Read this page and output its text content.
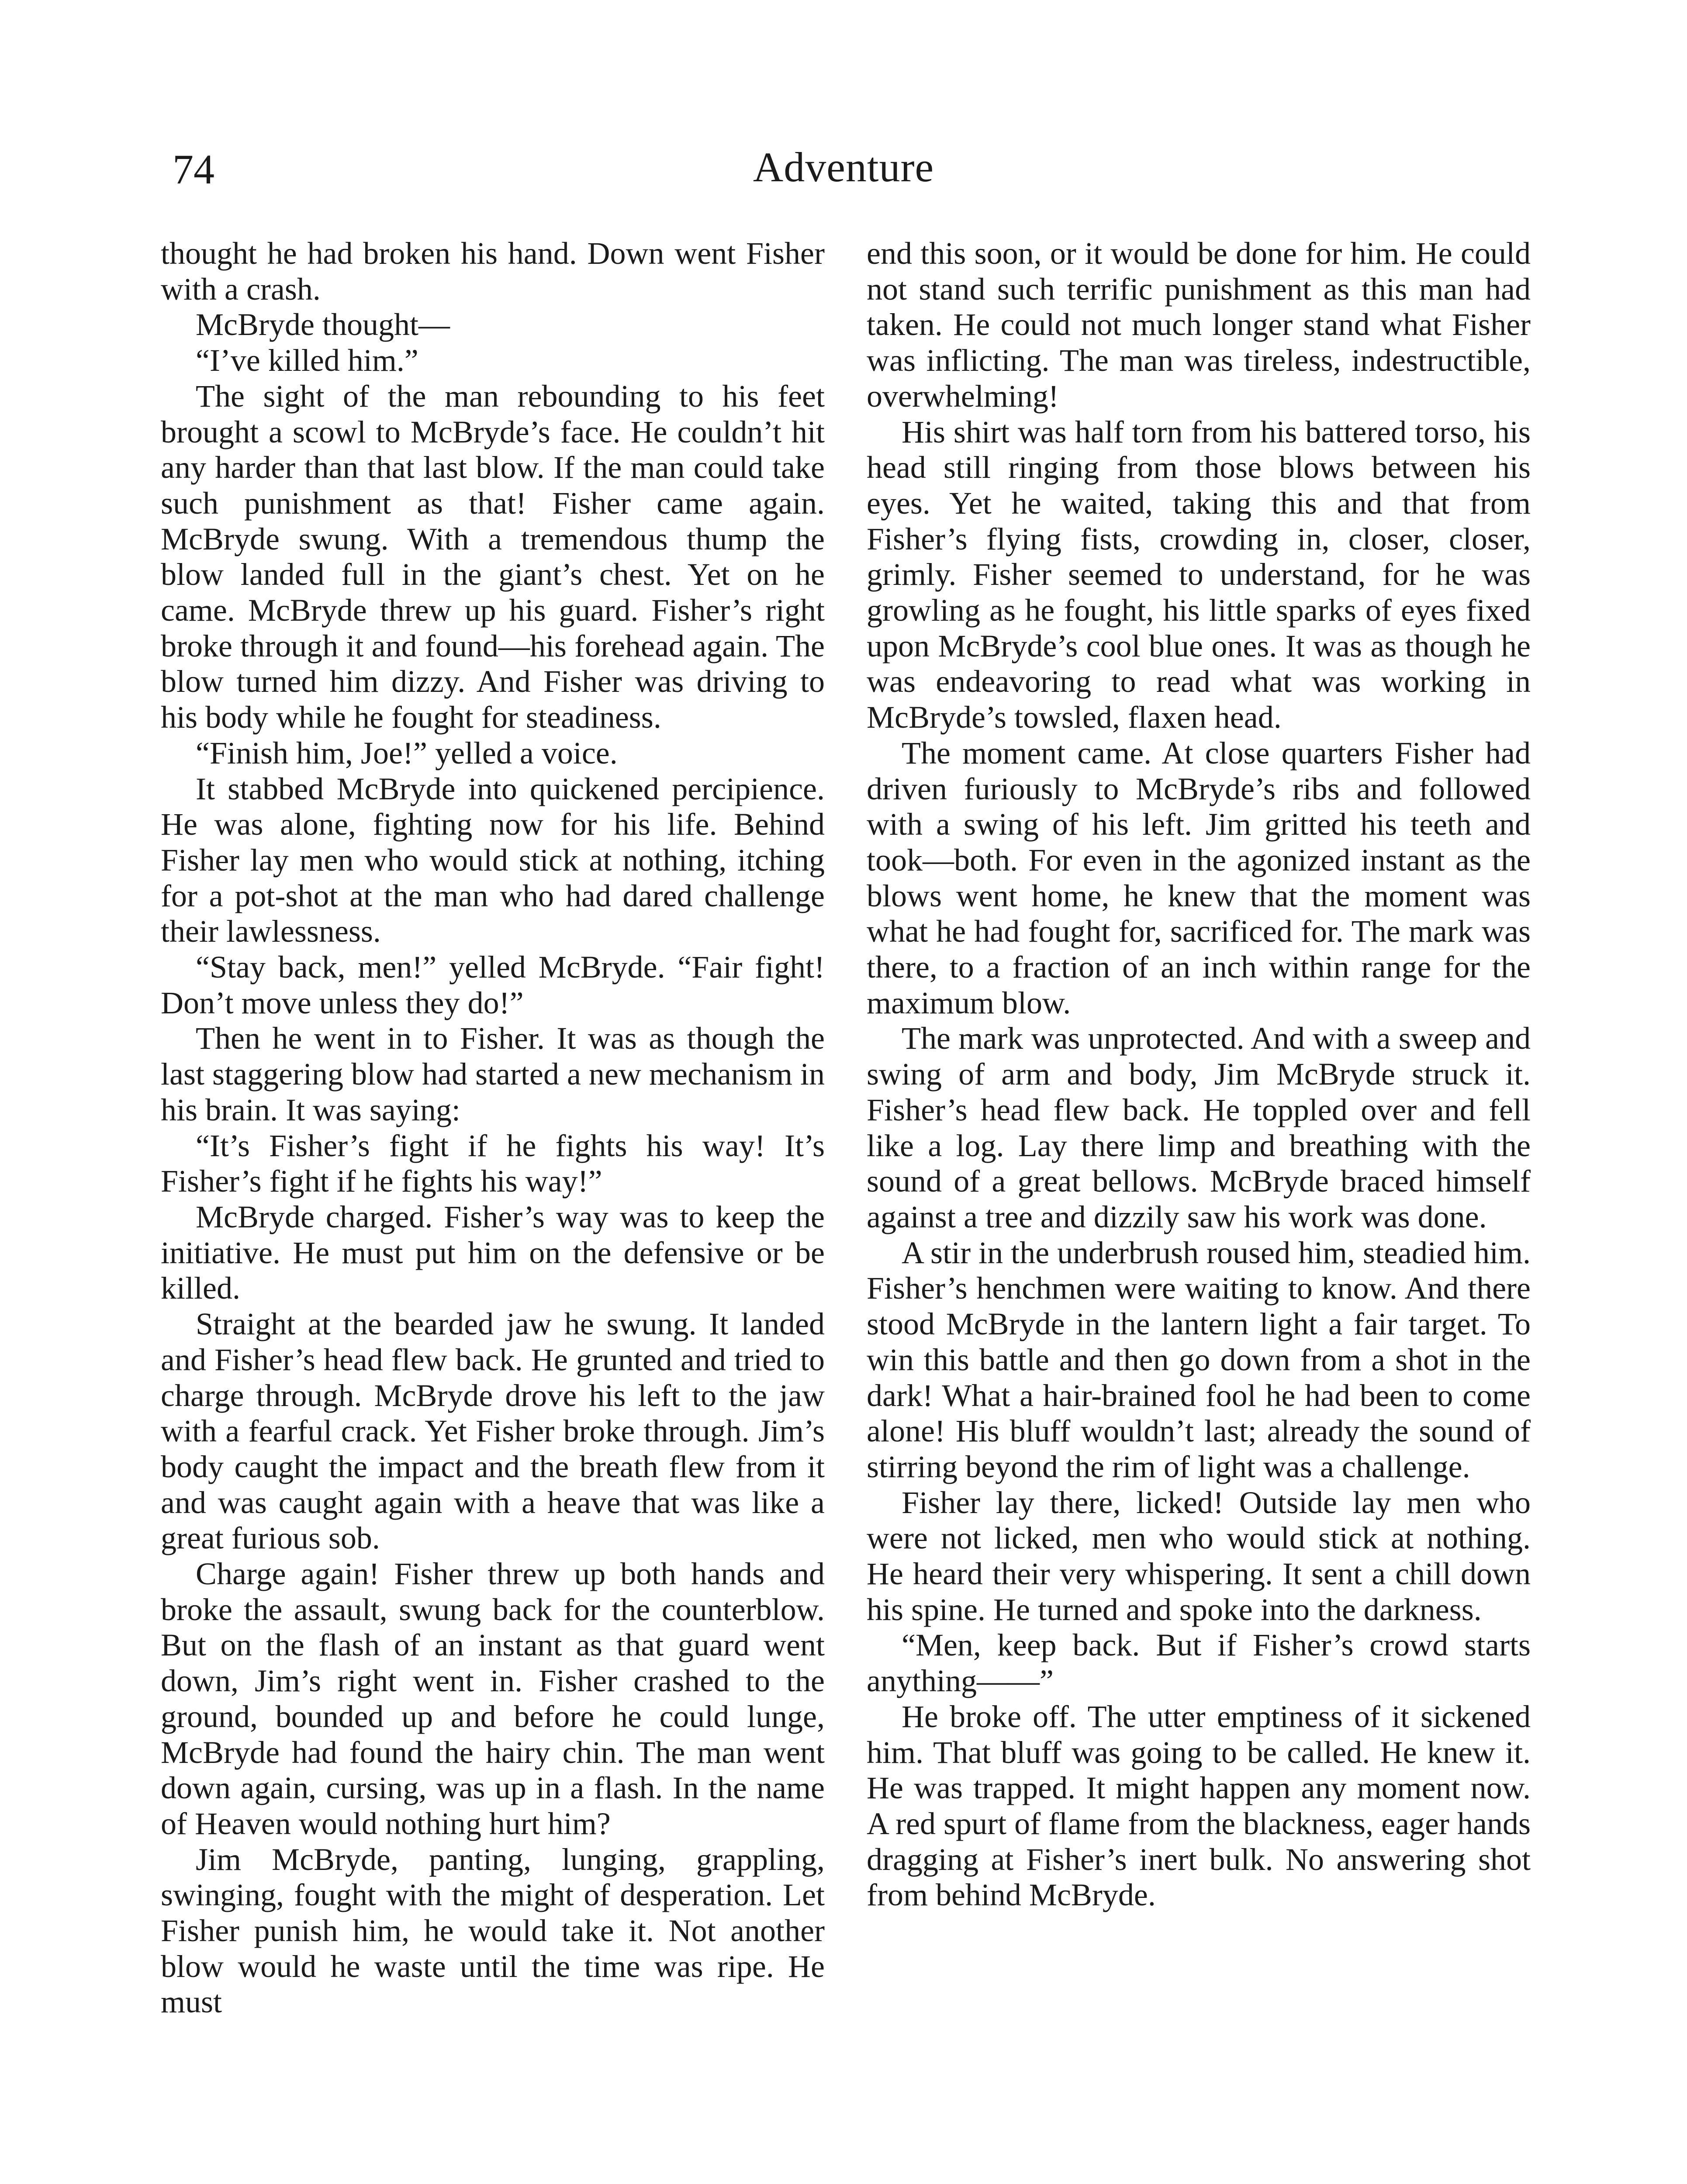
74	Adventure

thought he had broken his hand. Down went Fisher with a crash.

McBryde thought—

“I’ve killed him.”

The sight of the man rebounding to his feet brought a scowl to McBryde’s face. He couldn’t hit any harder than that last blow. If the man could take such punishment as that! Fisher came again. McBryde swung. With a tremendous thump the blow landed full in the giant’s chest. Yet on he came. McBryde threw up his guard. Fisher’s right broke through it and found—his forehead again. The blow turned him dizzy. And Fisher was driving to his body while he fought for steadiness.

“Finish him, Joe!” yelled a voice.

It stabbed McBryde into quickened percipience. He was alone, fighting now for his life. Behind Fisher lay men who would stick at nothing, itching for a pot-shot at the man who had dared challenge their lawlessness.

“Stay back, men!” yelled McBryde. “Fair fight! Don’t move unless they do!”

Then he went in to Fisher. It was as though the last staggering blow had started a new mechanism in his brain. It was saying:

“It’s Fisher’s fight if he fights his way! It’s Fisher’s fight if he fights his way!”

McBryde charged. Fisher’s way was to keep the initiative. He must put him on the defensive or be killed.

Straight at the bearded jaw he swung. It landed and Fisher’s head flew back. He grunted and tried to charge through. McBryde drove his left to the jaw with a fearful crack. Yet Fisher broke through. Jim’s body caught the impact and the breath flew from it and was caught again with a heave that was like a great furious sob.

Charge again! Fisher threw up both hands and broke the assault, swung back for the counterblow. But on the flash of an instant as that guard went down, Jim’s right went in. Fisher crashed to the ground, bounded up and before he could lunge, McBryde had found the hairy chin. The man went down again, cursing, was up in a flash. In the name of Heaven would nothing hurt him?

Jim McBryde, panting, lunging, grappling, swinging, fought with the might of desperation. Let Fisher punish him, he would take it. Not another blow would he waste until the time was ripe. He must

end this soon, or it would be done for him. He could not stand such terrific punishment as this man had taken. He could not much longer stand what Fisher was inflicting. The man was tireless, indestructible, overwhelming!

His shirt was half torn from his battered torso, his head still ringing from those blows between his eyes. Yet he waited, taking this and that from Fisher’s flying fists, crowding in, closer, closer, grimly. Fisher seemed to understand, for he was growling as he fought, his little sparks of eyes fixed upon McBryde’s cool blue ones. It was as though he was endeavoring to read what was working in McBryde’s towsled, flaxen head.

The moment came. At close quarters Fisher had driven furiously to McBryde’s ribs and followed with a swing of his left. Jim gritted his teeth and took—both. For even in the agonized instant as the blows went home, he knew that the moment was what he had fought for, sacrificed for. The mark was there, to a fraction of an inch within range for the maximum blow.

The mark was unprotected. And with a sweep and swing of arm and body, Jim McBryde struck it. Fisher’s head flew back. He toppled over and fell like a log. Lay there limp and breathing with the sound of a great bellows. McBryde braced himself against a tree and dizzily saw his work was done.

A stir in the underbrush roused him, steadied him. Fisher’s henchmen were waiting to know. And there stood McBryde in the lantern light a fair target. To win this battle and then go down from a shot in the dark! What a hair-brained fool he had been to come alone! His bluff wouldn’t last; already the sound of stirring beyond the rim of light was a challenge.

Fisher lay there, licked! Outside lay men who were not licked, men who would stick at nothing. He heard their very whispering. It sent a chill down his spine. He turned and spoke into the darkness.

“Men, keep back. But if Fisher’s crowd starts anything——”

He broke off. The utter emptiness of it sickened him. That bluff was going to be called. He knew it. He was trapped. It might happen any moment now. A red spurt of flame from the blackness, eager hands dragging at Fisher’s inert bulk. No answering shot from behind McBryde.
